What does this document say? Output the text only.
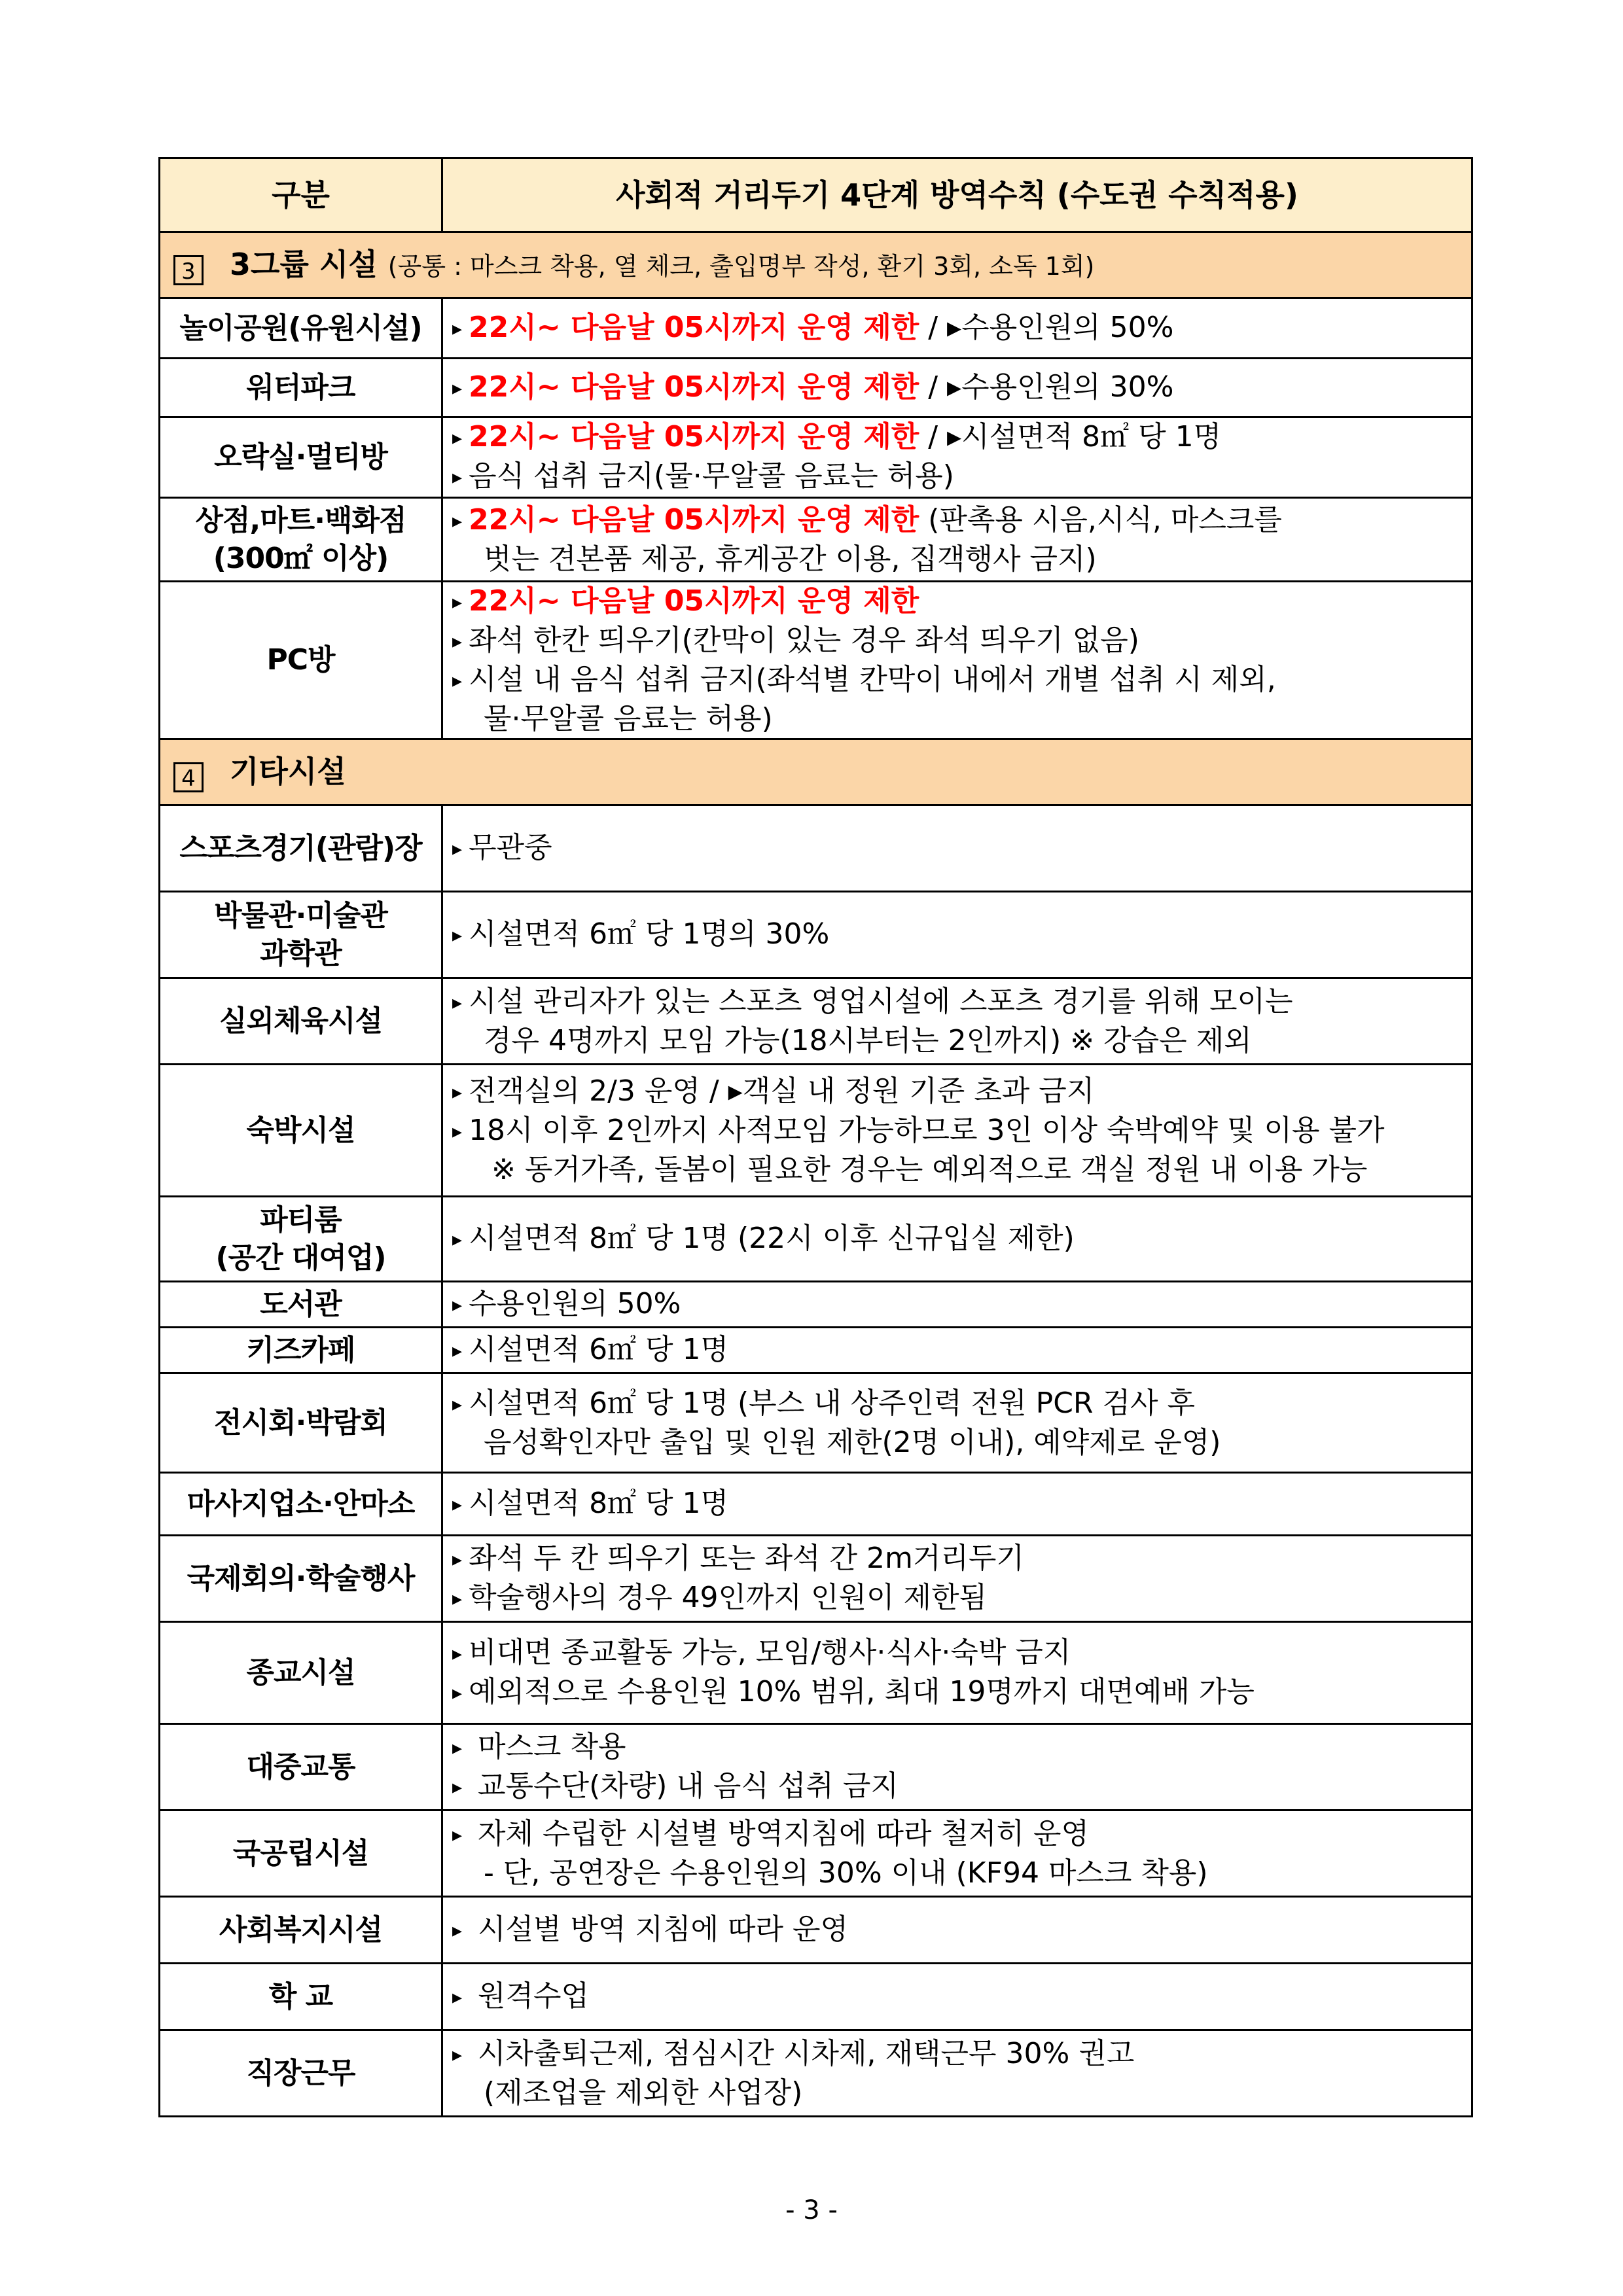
구분	사회적 거리두기 4단계 방역수칙 (수도권 수칙적용)
3 3그룹 시설 (공통 : 마스크 착용, 열 체크, 출입명부 작성, 환기 3회, 소독 1회)	
놀이공원(유원시설)	▸ 22시~ 다음날 05시까지 운영 제한 / ▸수용인원의 50%

워터파크	▸ 22시~ 다음날 05시까지 운영 제한 / ▸수용인원의 30%

오락실·멀티방	▸ 22시~ 다음날 05시까지 운영 제한 / ▸시설면적 8㎡ 당 1명
▸ 음식 섭취 금지(물·무알콜 음료는 허용)

상점,마트·백화점
(300㎡ 이상)	▸ 22시~ 다음날 05시까지 운영 제한 (판촉용 시음,시식, 마스크를
벗는 견본품 제공, 휴게공간 이용, 집객행사 금지)

PC방	▸ 22시~ 다음날 05시까지 운영 제한
▸ 좌석 한칸 띄우기(칸막이 있는 경우 좌석 띄우기 없음)
▸ 시설 내 음식 섭취 금지(좌석별 칸막이 내에서 개별 섭취 시 제외,
물·무알콜 음료는 허용)

4 기타시설	

스포츠경기(관람)장	▸ 무관중

박물관·미술관
과학관	▸ 시설면적 6㎡ 당 1명의 30%

실외체육시설	▸ 시설 관리자가 있는 스포츠 영업시설에 스포츠 경기를 위해 모이는
경우 4명까지 모임 가능(18시부터는 2인까지) ※ 강습은 제외

숙박시설	▸ 전객실의 2/3 운영 / ▸객실 내 정원 기준 초과 금지
▸ 18시 이후 2인까지 사적모임 가능하므로 3인 이상 숙박예약 및 이용 불가
※ 동거가족, 돌봄이 필요한 경우는 예외적으로 객실 정원 내 이용 가능

파티룸
(공간 대여업)	▸ 시설면적 8㎡ 당 1명 (22시 이후 신규입실 제한)

도서관	▸ 수용인원의 50%

키즈카페	▸ 시설면적 6㎡ 당 1명

전시회·박람회	▸ 시설면적 6㎡ 당 1명 (부스 내 상주인력 전원 PCR 검사 후
음성확인자만 출입 및 인원 제한(2명 이내), 예약제로 운영)

마사지업소·안마소	▸ 시설면적 8㎡ 당 1명

국제회의·학술행사	▸ 좌석 두 칸 띄우기 또는 좌석 간 2m거리두기
▸ 학술행사의 경우 49인까지 인원이 제한됨

종교시설	▸ 비대면 종교활동 가능, 모임/행사·식사·숙박 금지
▸ 예외적으로 수용인원 10% 범위, 최대 19명까지 대면예배 가능

대중교통	▸ 마스크 착용
▸ 교통수단(차량) 내 음식 섭취 금지

국공립시설	▸ 자체 수립한 시설별 방역지침에 따라 철저히 운영
- 단, 공연장은 수용인원의 30% 이내 (KF94 마스크 착용)

사회복지시설	▸ 시설별 방역 지침에 따라 운영

학 교	▸ 원격수업

직장근무	▸ 시차출퇴근제, 점심시간 시차제, 재택근무 30% 권고
(제조업을 제외한 사업장)
- 3 -
